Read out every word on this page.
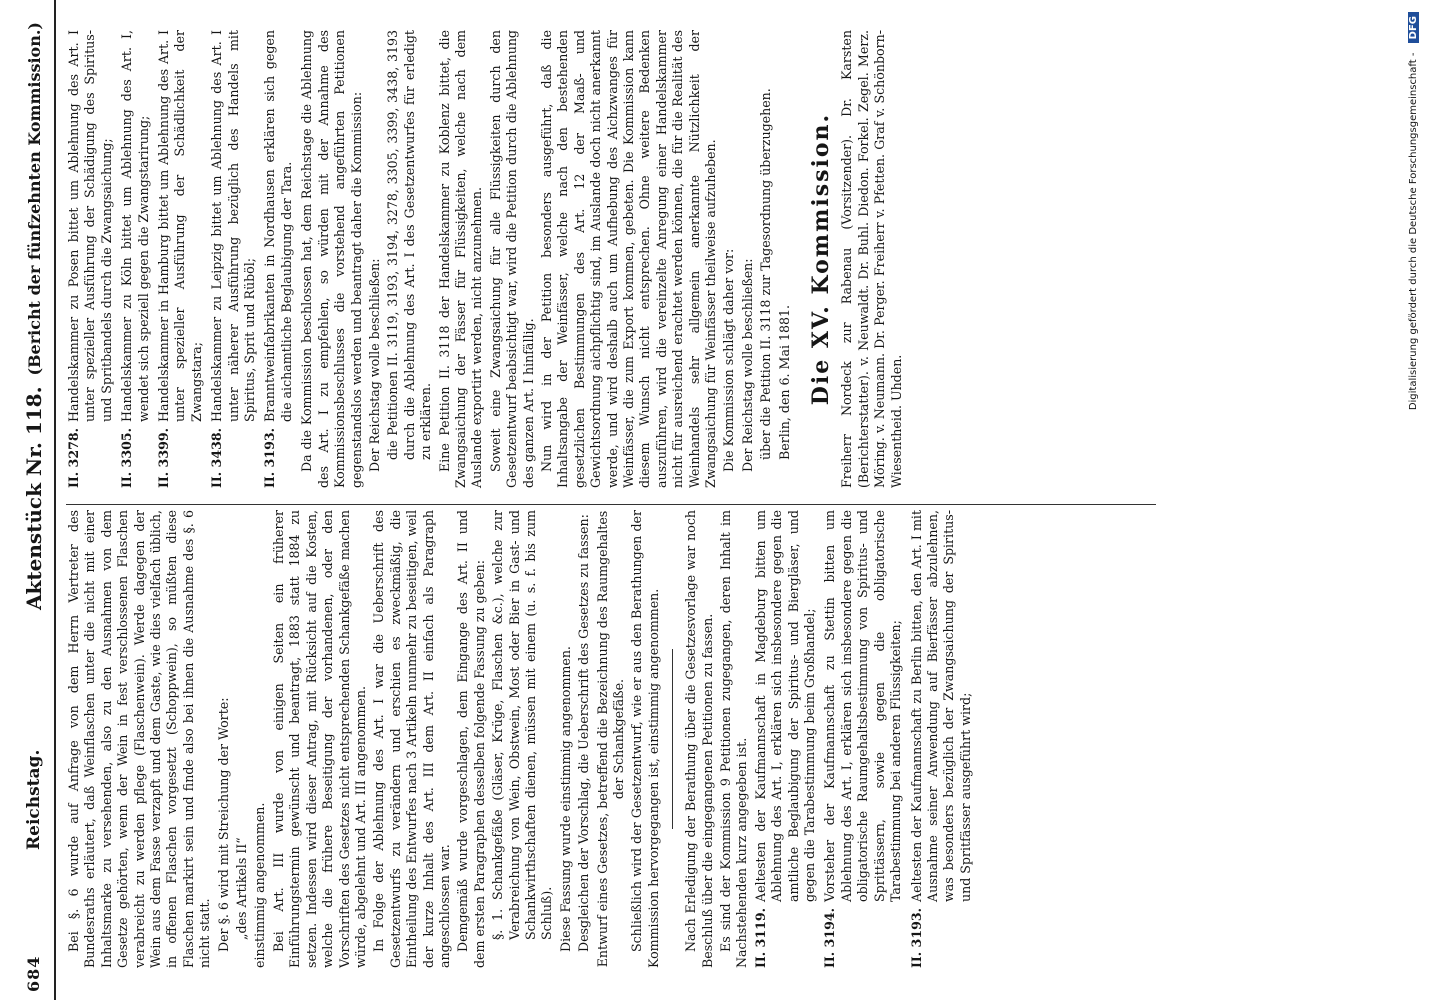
684
Reichstag.
Aktenstück Nr. 118.
(Bericht der fünfzehnten Kommission.)

Bei §. 6 wurde auf Anfrage von dem Herrn Vertreter des Bundesraths erläutert, daß Weinflaschen unter die nicht mit einer Inhaltsmarke zu versehenden, also zu den Ausnahmen von dem Gesetze gehörten, wenn der Wein in fest verschlossenen Flaschen verabreicht zu werden pflege (Flaschenwein). Werde dagegen der Wein aus dem Fasse verzapft und dem Gaste, wie dies vielfach üblich, in offenen Flaschen vorgesetzt (Schoppwein), so müßten diese Flaschen markirt sein und finde also bei ihnen die Ausnahme des §. 6 nicht statt. Der §. 6 wird mit Streichung der Worte: „des Artikels II“ einstimmig angenommen. Bei Art. III wurde von einigen Seiten ein früherer Einführungstermin gewünscht und beantragt, 1883 statt 1884 zu setzen. Indessen wird dieser Antrag, mit Rücksicht auf die Kosten, welche die frühere Beseitigung der vorhandenen, oder den Vorschriften des Gesetzes nicht entsprechenden Schankgefäße machen würde, abgelehnt und Art. III angenommen. In Folge der Ablehnung des Art. I war die Ueberschrift des Gesetzentwurfs zu verändern und erschien es zweckmäßig, die Eintheilung des Entwurfes nach 3 Artikeln nunmehr zu beseitigen, weil der kurze Inhalt des Art. III dem Art. II einfach als Paragraph angeschlossen war. Demgemäß wurde vorgeschlagen, dem Eingange des Art. II und dem ersten Paragraphen desselben folgende Fassung zu geben: §. 1. Schankgefäße (Gläser, Krüge, Flaschen &c.), welche zur Verabreichung von Wein, Obstwein, Most oder Bier in Gast- und Schankwirthschaften dienen, müssen mit einem (u. s. f. bis zum Schluß). Diese Fassung wurde einstimmig angenommen. Desgleichen der Vorschlag, die Ueberschrift des Gesetzes zu fassen: Entwurf eines Gesetzes, betreffend die Bezeichnung des Raumgehaltes der Schankgefäße. Schließlich wird der Gesetzentwurf, wie er aus den Berathungen der Kommission hervorgegangen ist, einstimmig angenommen. Nach Erledigung der Berathung über die Gesetzesvorlage war noch Beschluß über die eingegangenen Petitionen zu fassen. Es sind der Kommission 9 Petitionen zugegangen, deren Inhalt im Nachstehenden kurz angegeben ist. II. 3119.
Aeltesten der Kaufmannschaft in Magdeburg bitten um Ablehnung des Art. I, erklären sich insbesondere gegen die amtliche Beglaubigung der Spiritus- und Biergläser, und gegen die Tarabestimmung beim Großhandel;
II. 3194.
Vorsteher der Kaufmannschaft zu Stettin bitten um Ablehnung des Art. I, erklären sich insbesondere gegen die obligatorische Raumgehaltsbestimmung von Spiritus- und Sprittässern, sowie gegen die obligatorische Tarabestimmung bei anderen Flüssigkeiten;
II. 3193.
Aeltesten der Kaufmannschaft zu Berlin bitten, den Art. I mit Ausnahme seiner Anwendung auf Bierfässer abzulehnen, was besonders bezüglich der Zwangsaichung der Spiritus- und Spritfässer ausgeführt wird;
II. 3278.
Handelskammer zu Posen bittet um Ablehnung des Art. I unter spezieller Ausführung der Schädigung des Spiritus- und Spritbandels durch die Zwangsaichung;
II. 3305.
Handelskammer zu Köln bittet um Ablehnung des Art. I, wendet sich speziell gegen die Zwangstarirung;
II. 3399.
Handelskammer in Hamburg bittet um Ablehnung des Art. I unter spezieller Ausführung der Schädlichkeit der Zwangstara;
II. 3438.
Handelskammer zu Leipzig bittet um Ablehnung des Art. I unter näherer Ausführung bezüglich des Handels mit Spiritus, Sprit und Rüböl;
II. 3193.
Branntweinfabrikanten in Nordhausen erklären sich gegen die aichamtliche Beglaubigung der Tara. Da die Kommission beschlossen hat, dem Reichstage die Ablehnung des Art. I zu empfehlen, so würden mit der Annahme des Kommissionsbeschlusses die vorstehend angeführten Petitionen gegenstandslos werden und beantragt daher die Kommission: Der Reichstag wolle beschließen: die Petitionen II. 3119, 3193, 3194, 3278, 3305, 3399, 3438, 3193 durch die Ablehnung des Art. I des Gesetzentwurfes für erledigt zu erklären. Eine Petition II. 3118 der Handelskammer zu Koblenz bittet, die Zwangsaichung der Fässer für Flüssigkeiten, welche nach dem Auslande exportirt werden, nicht anzunehmen. Soweit eine Zwangsaichung für alle Flüssigkeiten durch den Gesetzentwurf beabsichtigt war, wird die Petition durch die Ablehnung des ganzen Art. I hinfällig. Nun wird in der Petition besonders ausgeführt, daß die Inhaltsangabe der Weinfässer, welche nach den bestehenden gesetzlichen Bestimmungen des Art. 12 der Maaß- und Gewichtsordnung aichpflichtig sind, im Auslande doch nicht anerkannt werde, und wird deshalb auch um Aufhebung des Aichzwanges für Weinfässer, die zum Export kommen, gebeten. Die Kommission kann diesem Wunsch nicht entsprechen. Ohne weitere Bedenken auszuführen, wird die vereinzelte Anregung einer Handelskammer nicht für ausreichend erachtet werden können, die für die Realität des Weinhandels sehr allgemein anerkannte Nützlichkeit der Zwangsaichung für Weinfässer theilweise aufzuheben. Die Kommission schlägt daher vor: Der Reichstag wolle beschließen: über die Petition II. 3118 zur Tagesordnung überzugehen. Berlin, den 6. Mai 1881. Die XV. Kommission. Freiherr Nordeck zur Rabenau (Vorsitzender). Dr. Karsten (Berichterstatter). v. Neuwaldt. Dr. Buhl. Diedon. Forkel. Zegel. Merz. Möring. v. Neumann. Dr. Perger. Freiherr v. Pfetten. Graf v. Schönborn-Wiesentheid. Uhden.
Digitalisierung gefördert durch die Deutsche Forschungsgemeinschaft - DFG
